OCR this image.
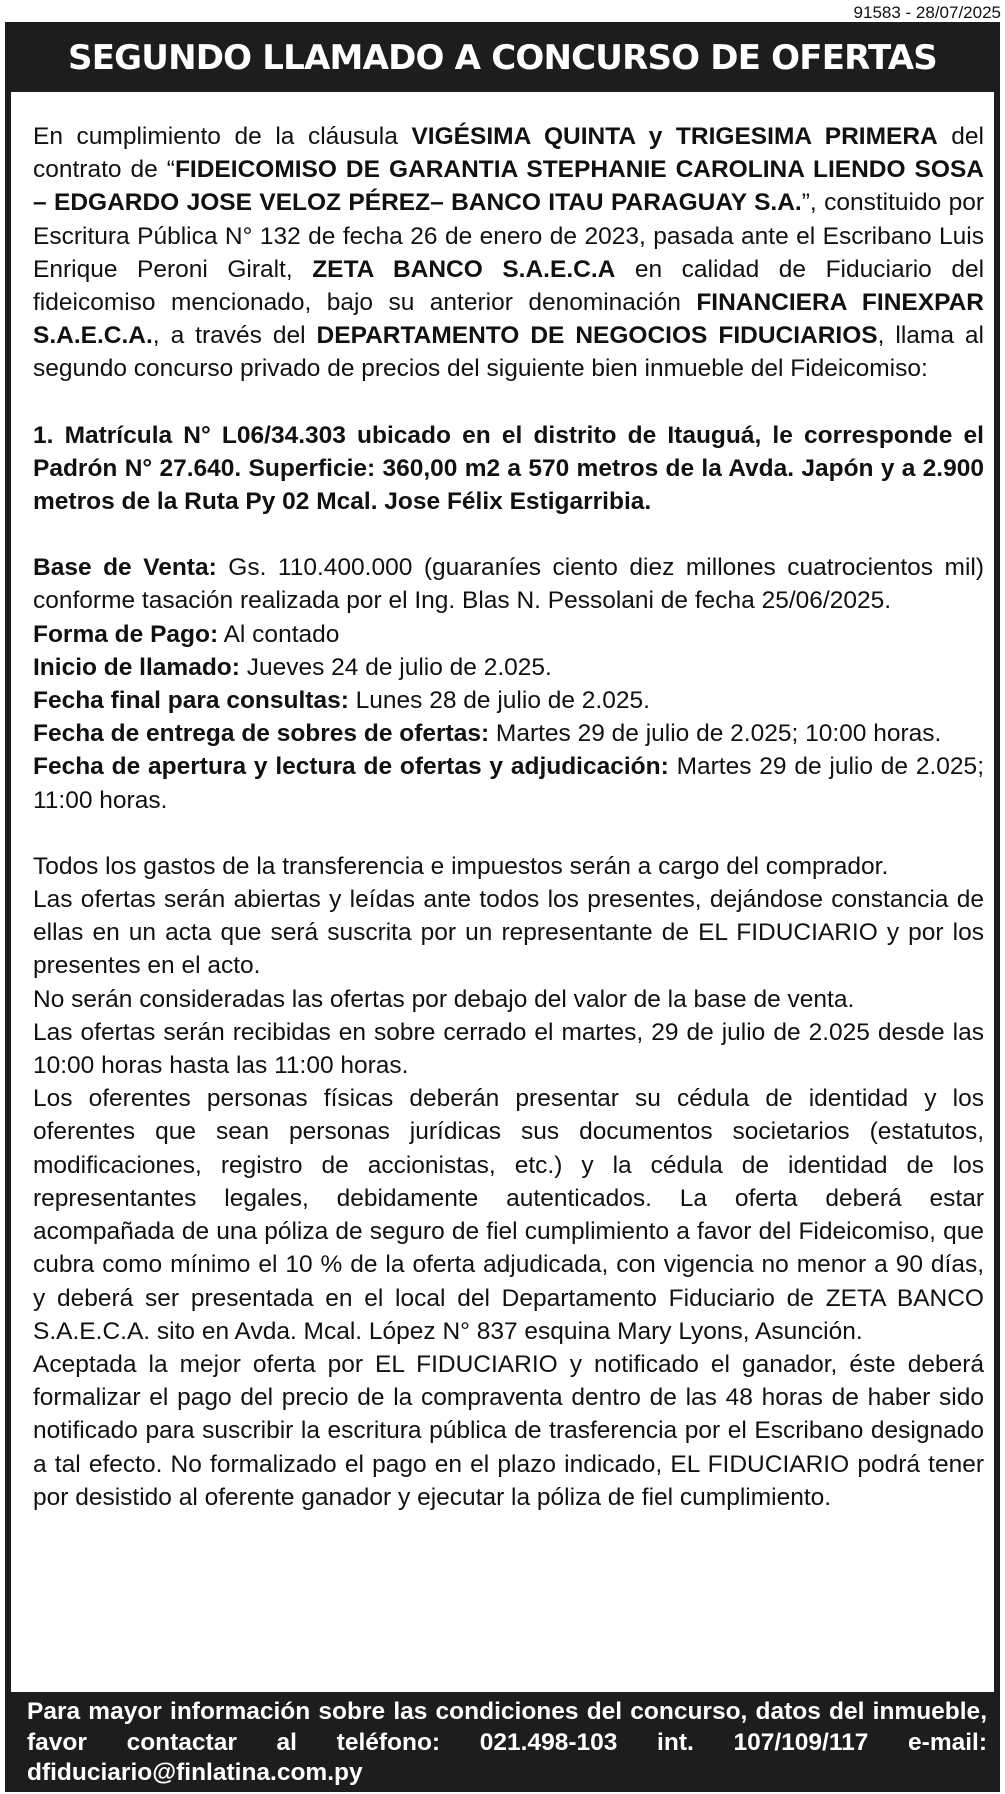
91583 - 28/07/2025

SEGUNDO LLAMADO A CONCURSO DE OFERTAS

En cumplimiento de la cláusula VIGÉSIMA QUINTA y TRIGESIMA PRIMERA del contrato de “FIDEICOMISO DE GARANTIA STEPHANIE CAROLINA LIENDO SOSA – EDGARDO JOSE VELOZ PÉREZ– BANCO ITAU PARAGUAY S.A.”, constituido por Escritura Pública N° 132 de fecha 26 de enero de 2023, pasada ante el Escribano Luis Enrique Peroni Giralt, ZETA BANCO S.A.E.C.A en calidad de Fiduciario del fideicomiso mencionado, bajo su anterior denominación FINANCIERA FINEXPAR S.A.E.C.A., a través del DEPARTAMENTO DE NEGOCIOS FIDUCIARIOS, llama al segundo concurso privado de precios del siguiente bien inmueble del Fideicomiso:

1. Matrícula N° L06/34.303 ubicado en el distrito de Itauguá, le corresponde el Padrón N° 27.640. Superficie: 360,00 m2 a 570 metros de la Avda. Japón y a 2.900 metros de la Ruta Py 02 Mcal. Jose Félix Estigarribia.

Base de Venta: Gs. 110.400.000 (guaraníes ciento diez millones cuatrocientos mil) conforme tasación realizada por el Ing. Blas N. Pessolani de fecha 25/06/2025.

Forma de Pago: Al contado

Inicio de llamado: Jueves 24 de julio de 2.025.

Fecha final para consultas: Lunes 28 de julio de 2.025.

Fecha de entrega de sobres de ofertas: Martes 29 de julio de 2.025; 10:00 horas.

Fecha de apertura y lectura de ofertas y adjudicación: Martes 29 de julio de 2.025; 11:00 horas.

Todos los gastos de la transferencia e impuestos serán a cargo del comprador.

Las ofertas serán abiertas y leídas ante todos los presentes, dejándose constancia de ellas en un acta que será suscrita por un representante de EL FIDUCIARIO y por los presentes en el acto.

No serán consideradas las ofertas por debajo del valor de la base de venta.

Las ofertas serán recibidas en sobre cerrado el martes, 29 de julio de 2.025 desde las 10:00 horas hasta las 11:00 horas.

Los oferentes personas físicas deberán presentar su cédula de identidad y los oferentes que sean personas jurídicas sus documentos societarios (estatutos, modificaciones, registro de accionistas, etc.) y la cédula de identidad de los representantes legales, debidamente autenticados. La oferta deberá estar acompañada de una póliza de seguro de fiel cumplimiento a favor del Fideicomiso, que cubra como mínimo el 10 % de la oferta adjudicada, con vigencia no menor a 90 días, y deberá ser presentada en el local del Departamento Fiduciario de ZETA BANCO S.A.E.C.A. sito en Avda. Mcal. López N° 837 esquina Mary Lyons, Asunción.

Aceptada la mejor oferta por EL FIDUCIARIO y notificado el ganador, éste deberá formalizar el pago del precio de la compraventa dentro de las 48 horas de haber sido notificado para suscribir la escritura pública de trasferencia por el Escribano designado a tal efecto. No formalizado el pago en el plazo indicado, EL FIDUCIARIO podrá tener por desistido al oferente ganador y ejecutar la póliza de fiel cumplimiento.

Para mayor información sobre las condiciones del concurso, datos del inmueble, favor contactar al teléfono: 021.498-103 int. 107/109/117 e-mail: dfiduciario@finlatina.com.py
